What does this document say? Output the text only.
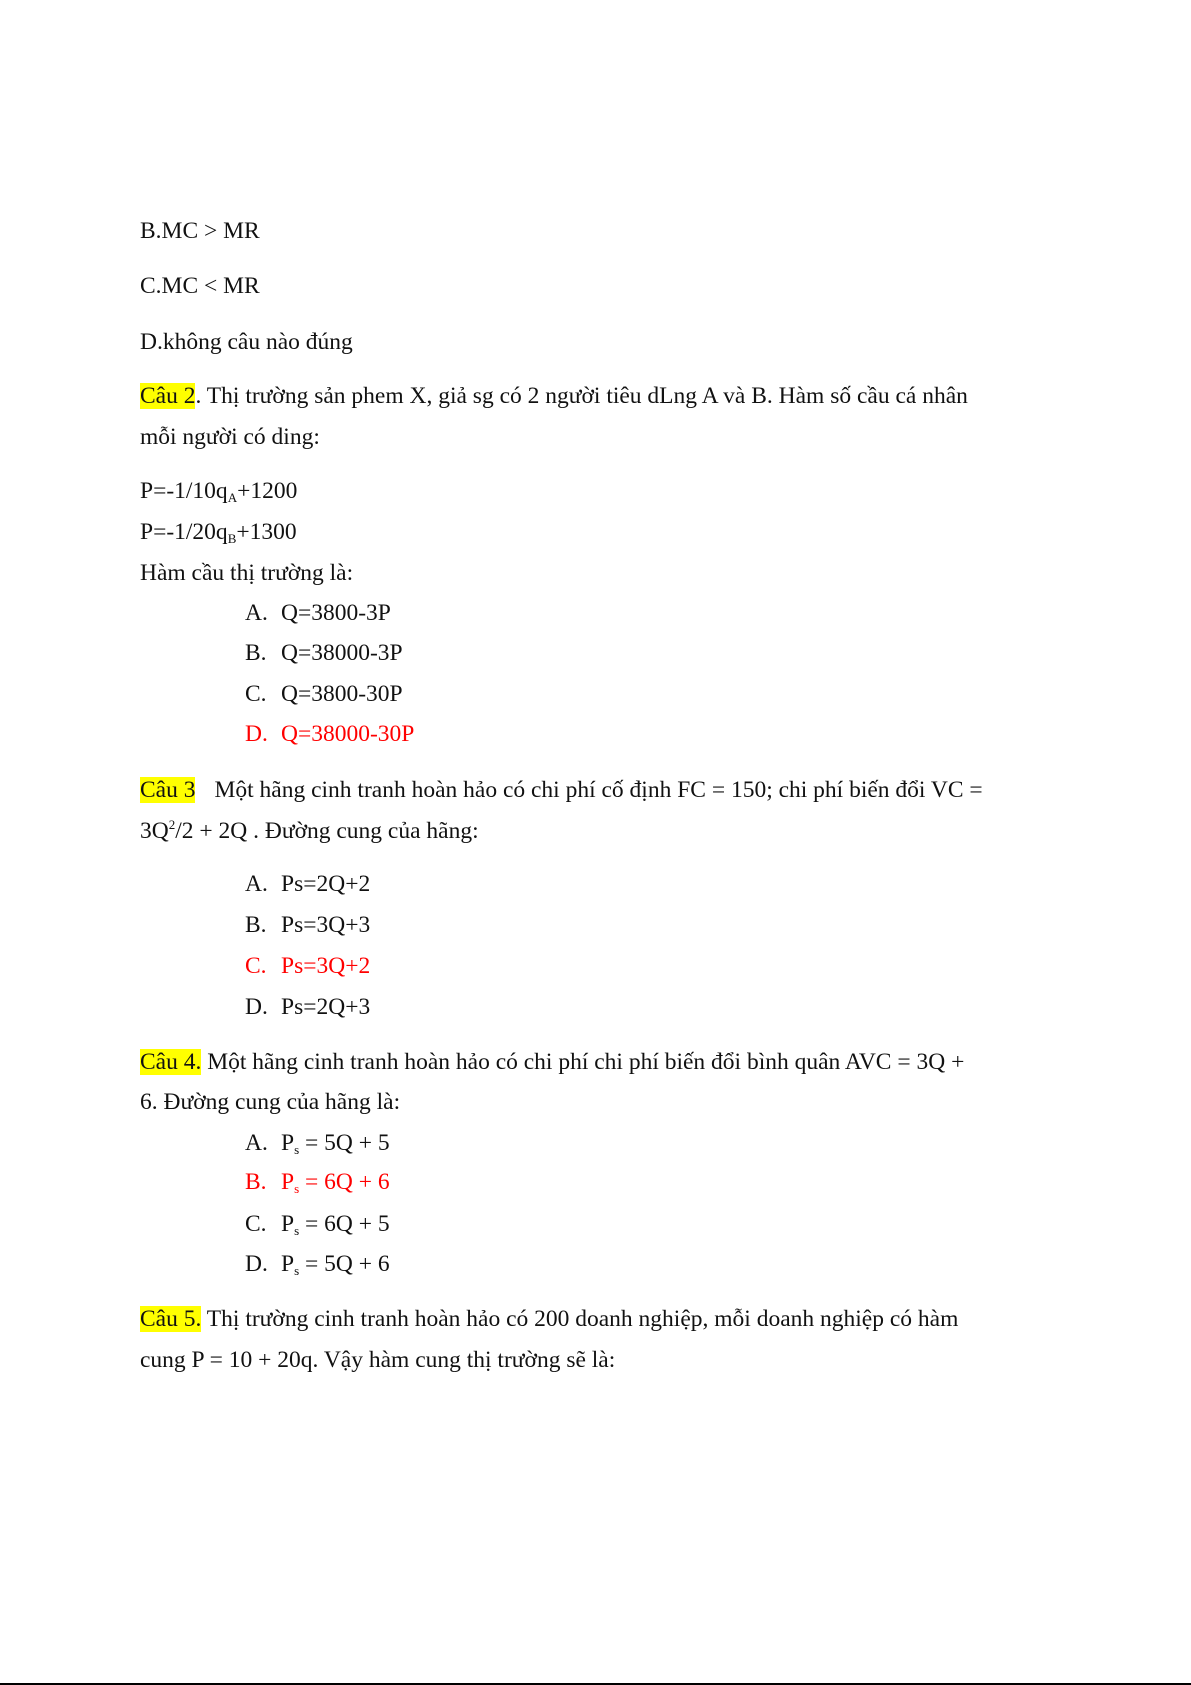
B.MC > MR
C.MC < MR
D.không câu nào đúng
Câu 2. Thị trường sản phem X, giả sg có 2 người tiêu dLng A và B. Hàm số cầu cá nhân
mỗi người có ding:
$P=-1/10q_A+1200$
$P=-1/20q_B+1300$
Hàm cầu thị trường là:
A. Q=3800-3P
B. Q=38000-3P
C. Q=3800-30P
D. Q=38000-30P
Câu 3 Một hãng cinh tranh hoàn hảo có chi phí cố định FC = 150; chi phí biến đổi VC =
$3Q^2/2 + 2Q$ . Đường cung của hãng:
A. Ps=2Q+2
B. Ps=3Q+3
C. Ps=3Q+2
D. Ps=2Q+3
Câu 4. Một hãng cinh tranh hoàn hảo có chi phí chi phí biến đổi bình quân AVC = 3Q +
6. Đường cung của hãng là:
A. $P_s = 5Q + 5$
B. $P_s = 6Q + 6$
C. $P_s = 6Q + 5$
D. $P_s = 5Q + 6$
Câu 5. Thị trường cinh tranh hoàn hảo có 200 doanh nghiệp, mỗi doanh nghiệp có hàm
cung P = 10 + 20q. Vậy hàm cung thị trường sẽ là:
